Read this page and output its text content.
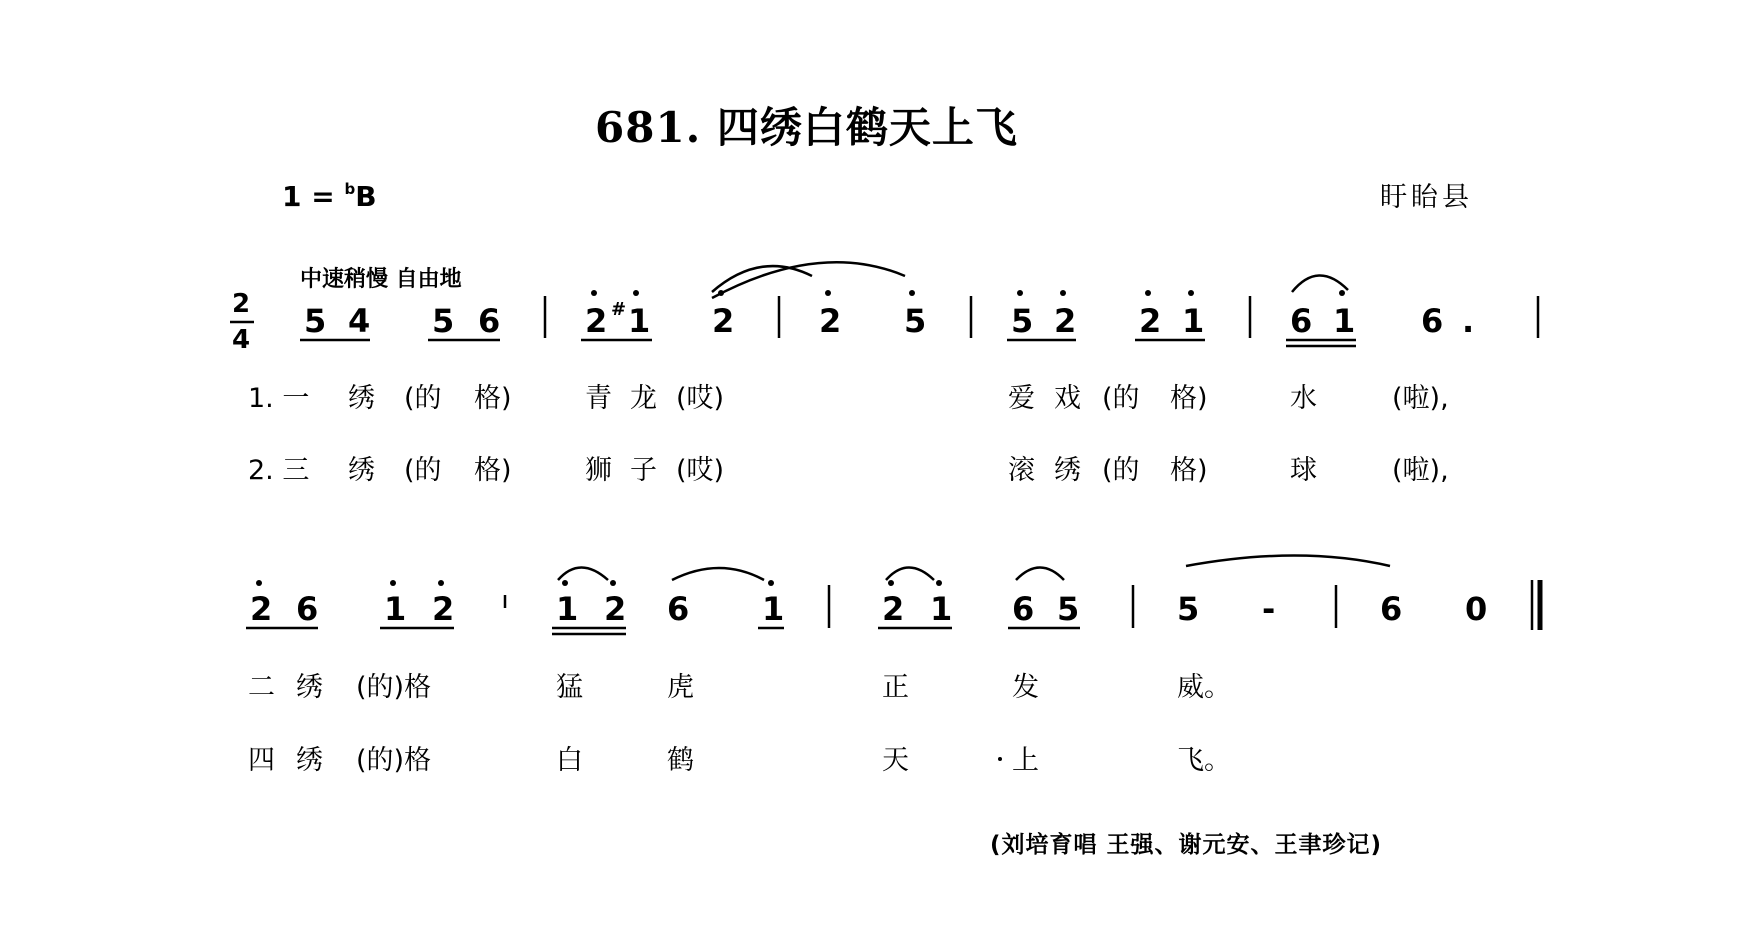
681. 四绣白鹤天上飞
1 = $^b$B	盱眙县
中速稍慢 自由地
2
4 5 4 5 6	2 # 1 2	2 5	5 2 2 1	6 1 6 .
1. 一 绣 (的 格)	青 龙 (哎)	爱 戏 (的 格)	水	(啦),
2. 三 绣 (的 格)	狮 子 (哎)	滚 绣 (的 格)	球	(啦),
2 6 1 2	1 2 6 1	2 1 6 5	5 -	6 0
二 绣 (的)格	猛	虎	正	发	威。
四 绣 (的)格	白	鹤	天	上	飞。
(刘培育唱 王强、谢元安、王聿珍记)
